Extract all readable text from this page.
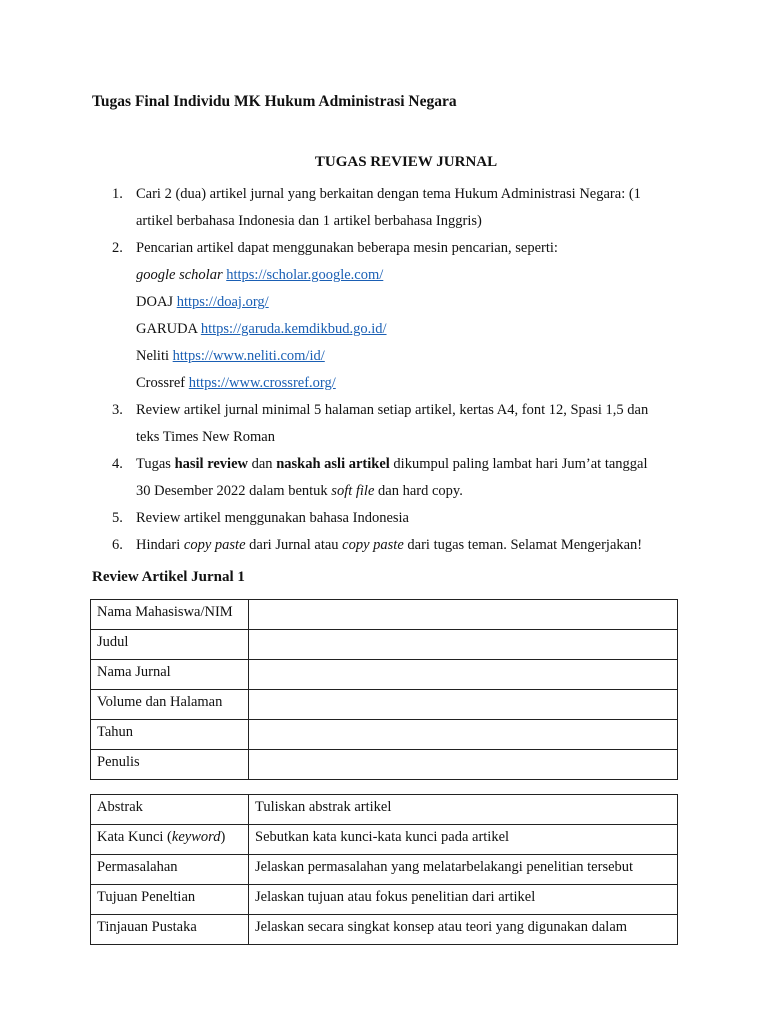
Tugas Final Individu MK Hukum Administrasi Negara
TUGAS REVIEW JURNAL
1. Cari 2 (dua) artikel jurnal yang berkaitan dengan tema Hukum Administrasi Negara: (1
artikel berbahasa Indonesia dan 1 artikel berbahasa Inggris)
2. Pencarian artikel dapat menggunakan beberapa mesin pencarian, seperti:
google scholar https://scholar.google.com/
DOAJ https://doaj.org/
GARUDA https://garuda.kemdikbud.go.id/
Neliti https://www.neliti.com/id/
Crossref https://www.crossref.org/
3. Review artikel jurnal minimal 5 halaman setiap artikel, kertas A4, font 12, Spasi 1,5 dan
teks Times New Roman
4. Tugas hasil review dan naskah asli artikel dikumpul paling lambat hari Jum’at tanggal
30 Desember 2022 dalam bentuk soft file dan hard copy.
5. Review artikel menggunakan bahasa Indonesia
6. Hindari copy paste dari Jurnal atau copy paste dari tugas teman. Selamat Mengerjakan!
Review Artikel Jurnal 1
Nama Mahasiswa/NIM	
Judul	
Nama Jurnal	
Volume dan Halaman	
Tahun	
Penulis	
Abstrak	Tuliskan abstrak artikel
Kata Kunci (keyword)	Sebutkan kata kunci-kata kunci pada artikel
Permasalahan	Jelaskan permasalahan yang melatarbelakangi penelitian tersebut
Tujuan Peneltian	Jelaskan tujuan atau fokus penelitian dari artikel
Tinjauan Pustaka	Jelaskan secara singkat konsep atau teori yang digunakan dalam
